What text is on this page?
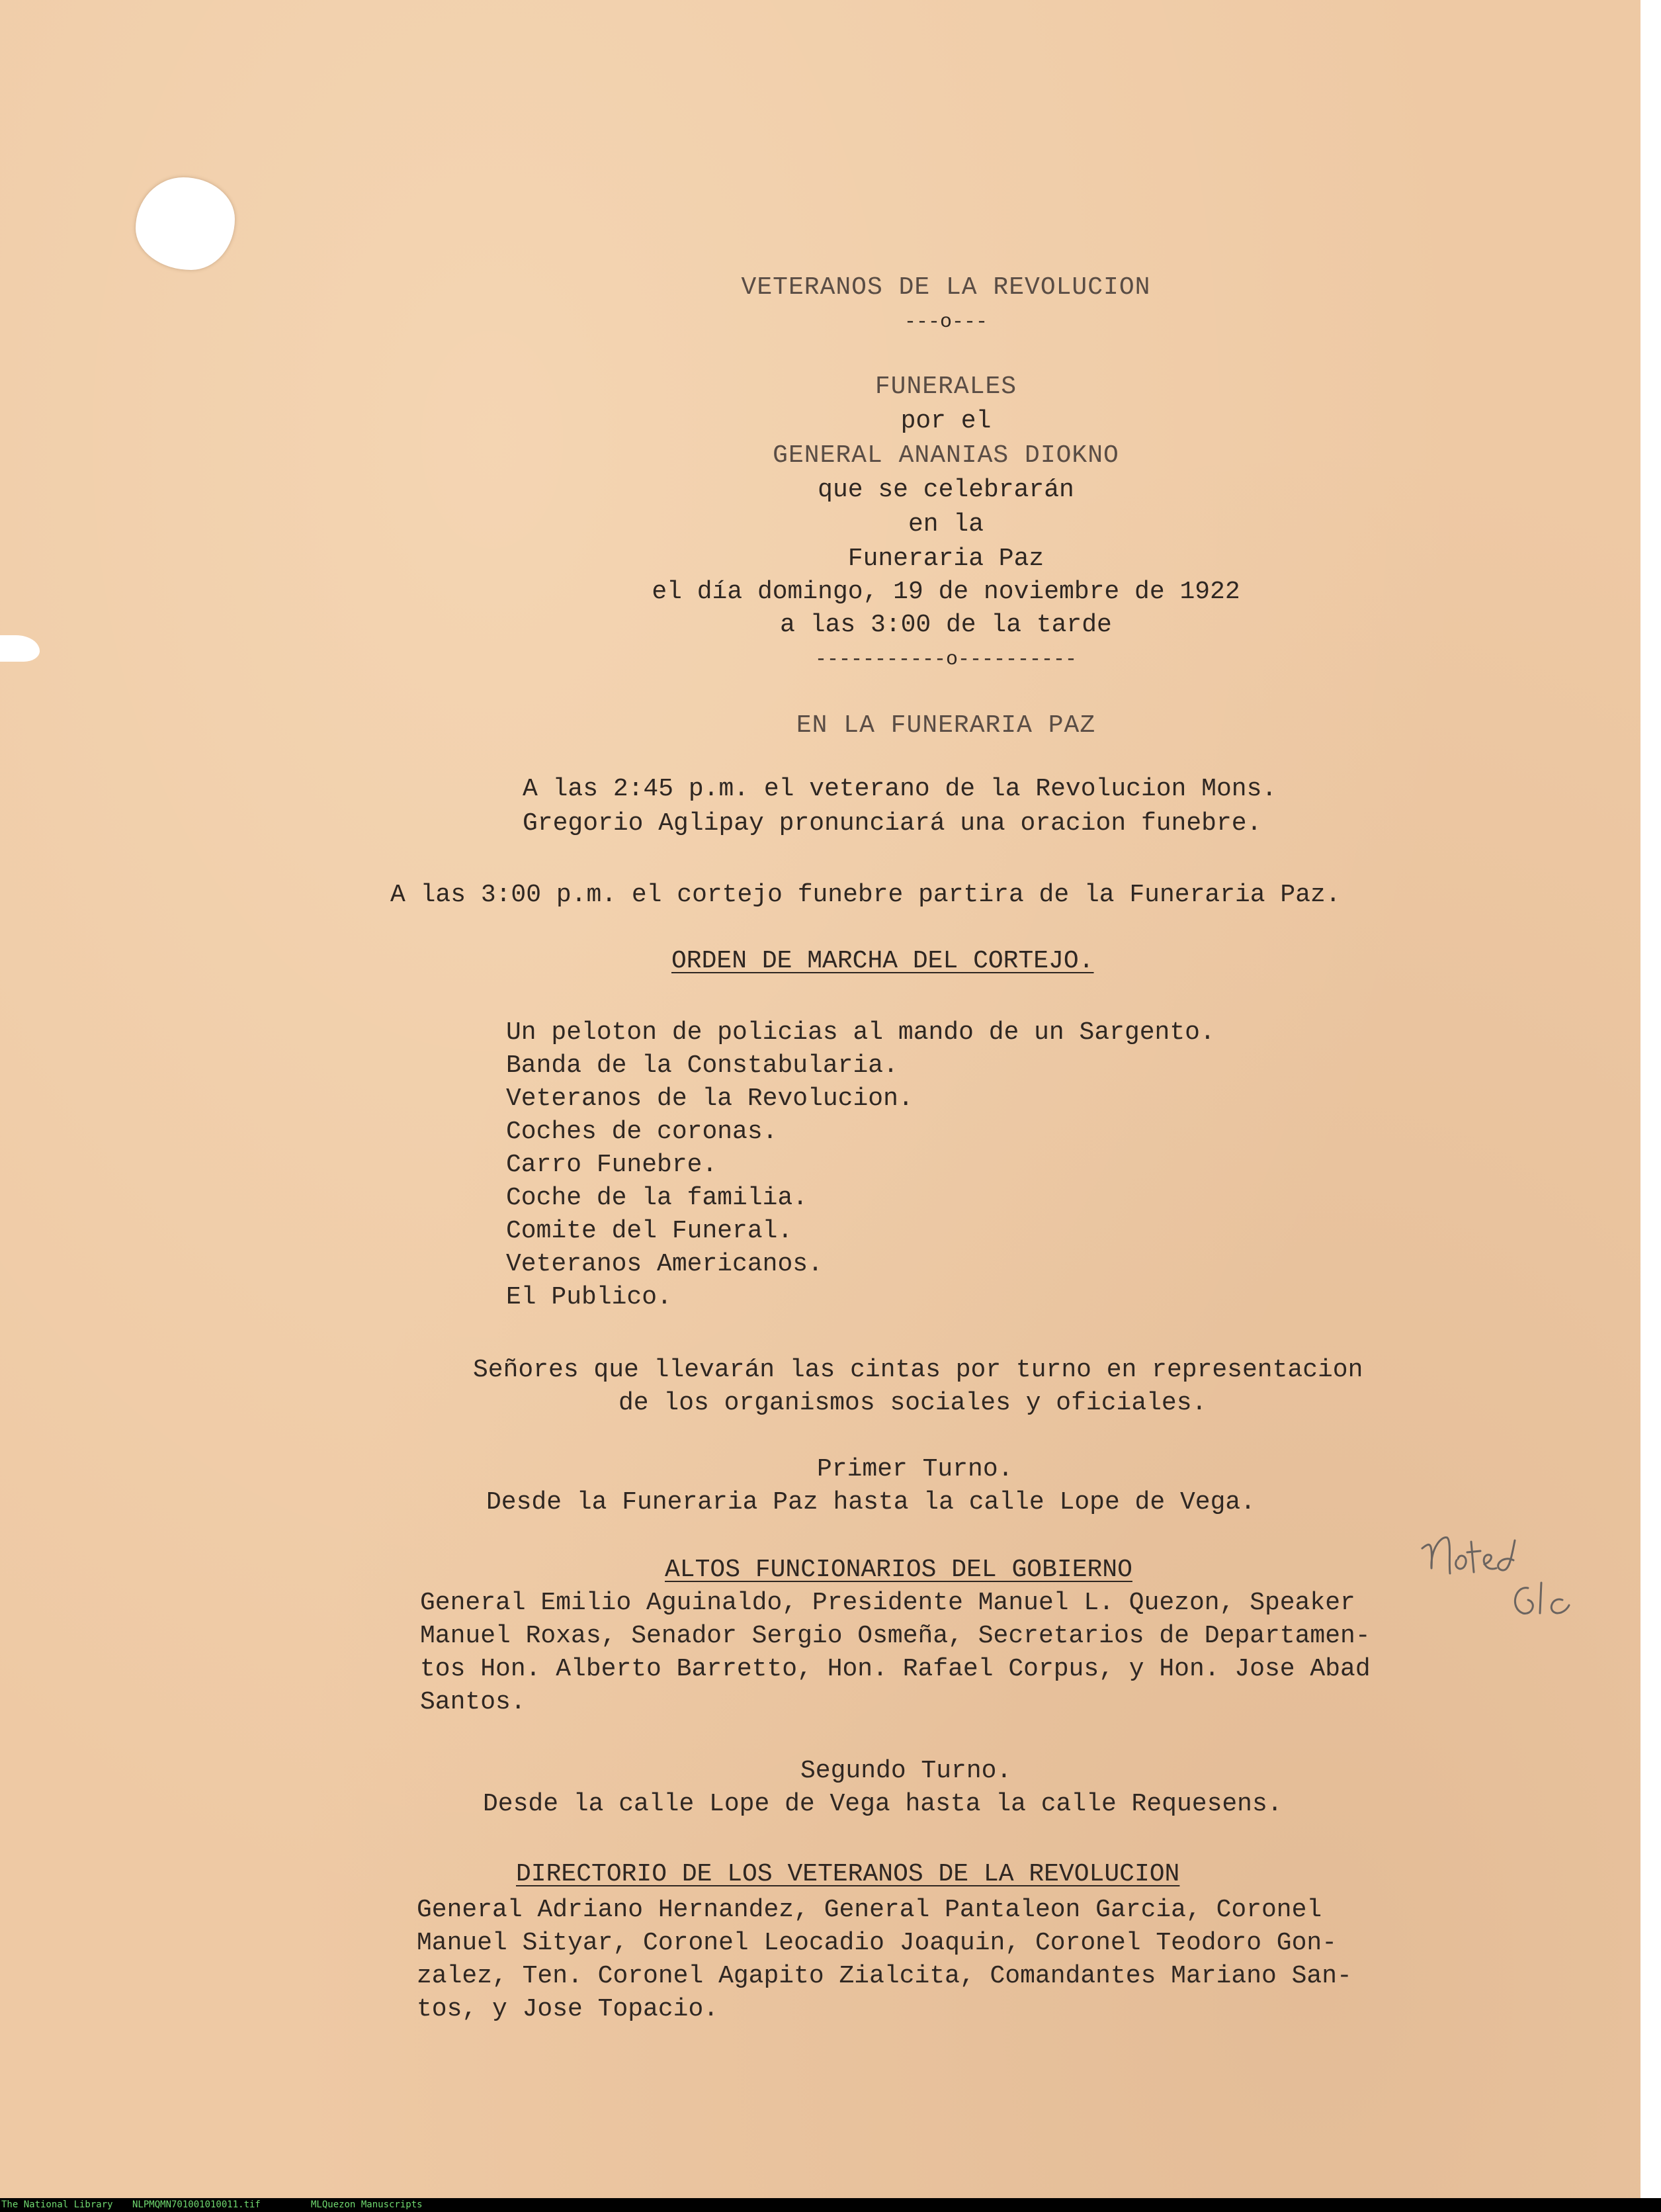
VETERANOS DE LA REVOLUCION
---o---
FUNERALES
por el
GENERAL ANANIAS DIOKNO
que se celebrarán
en la
Funeraria Paz
el día domingo, 19 de noviembre de 1922
a las 3:00 de la tarde
-----------o----------
EN LA FUNERARIA PAZ
A las 2:45 p.m. el veterano de la Revolucion Mons.
Gregorio Aglipay pronunciará una oracion funebre.
A las 3:00 p.m. el cortejo funebre partira de la Funeraria Paz.
ORDEN DE MARCHA DEL CORTEJO.
Un peloton de policias al mando de un Sargento.
Banda de la Constabularia.
Veteranos de la Revolucion.
Coches de coronas.
Carro Funebre.
Coche de la familia.
Comite del Funeral.
Veteranos Americanos.
El Publico.
Señores que llevarán las cintas por turno en representacion
de los organismos sociales y oficiales.
Primer Turno.
Desde la Funeraria Paz hasta la calle Lope de Vega.
ALTOS FUNCIONARIOS DEL GOBIERNO
General Emilio Aguinaldo, Presidente Manuel L. Quezon, Speaker
Manuel Roxas, Senador Sergio Osmeña, Secretarios de Departamen-
tos Hon. Alberto Barretto, Hon. Rafael Corpus, y Hon. Jose Abad
Santos.
Segundo Turno.
Desde la calle Lope de Vega hasta la calle Requesens.
DIRECTORIO DE LOS VETERANOS DE LA REVOLUCION
General Adriano Hernandez, General Pantaleon Garcia, Coronel
Manuel Sityar, Coronel Leocadio Joaquin, Coronel Teodoro Gon-
zalez, Ten. Coronel Agapito Zialcita, Comandantes Mariano San-
tos, y Jose Topacio.
The National Library NLPMQMN701001010011.tif	MLQuezon Manuscripts
